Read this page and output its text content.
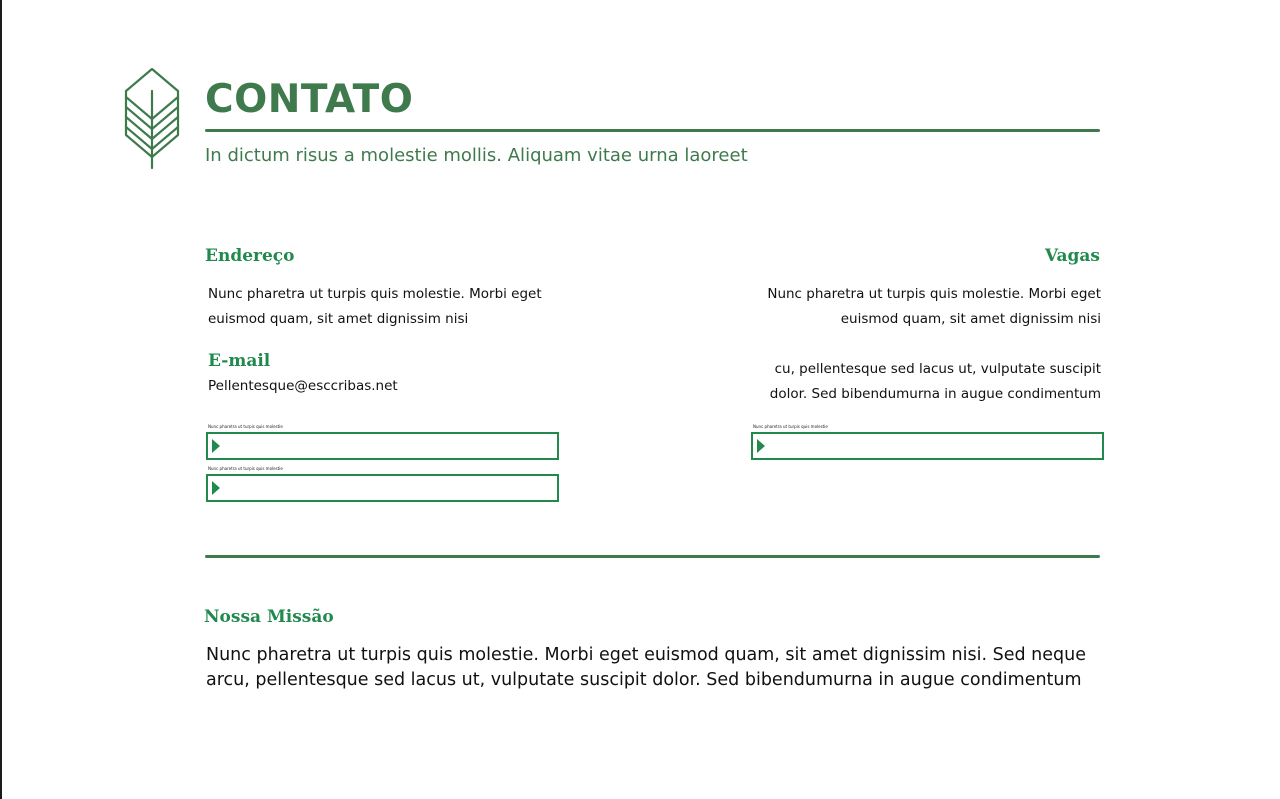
CONTATO
In dictum risus a molestie mollis. Aliquam vitae urna laoreet
Endereço
Nunc pharetra ut turpis quis molestie. Morbi eget
euismod quam, sit amet dignissim nisi
E-mail
Pellentesque@esccribas.net
Nunc pharetra ut turpis quis molestie
Nunc pharetra ut turpis quis molestie
Vagas
Nunc pharetra ut turpis quis molestie. Morbi eget
euismod quam, sit amet dignissim nisi
cu, pellentesque sed lacus ut, vulputate suscipit
dolor. Sed bibendumurna in augue condimentum
Nunc pharetra ut turpis quis molestie
Nossa Missão
Nunc pharetra ut turpis quis molestie. Morbi eget euismod quam, sit amet dignissim nisi. Sed neque
arcu, pellentesque sed lacus ut, vulputate suscipit dolor. Sed bibendumurna in augue condimentum
